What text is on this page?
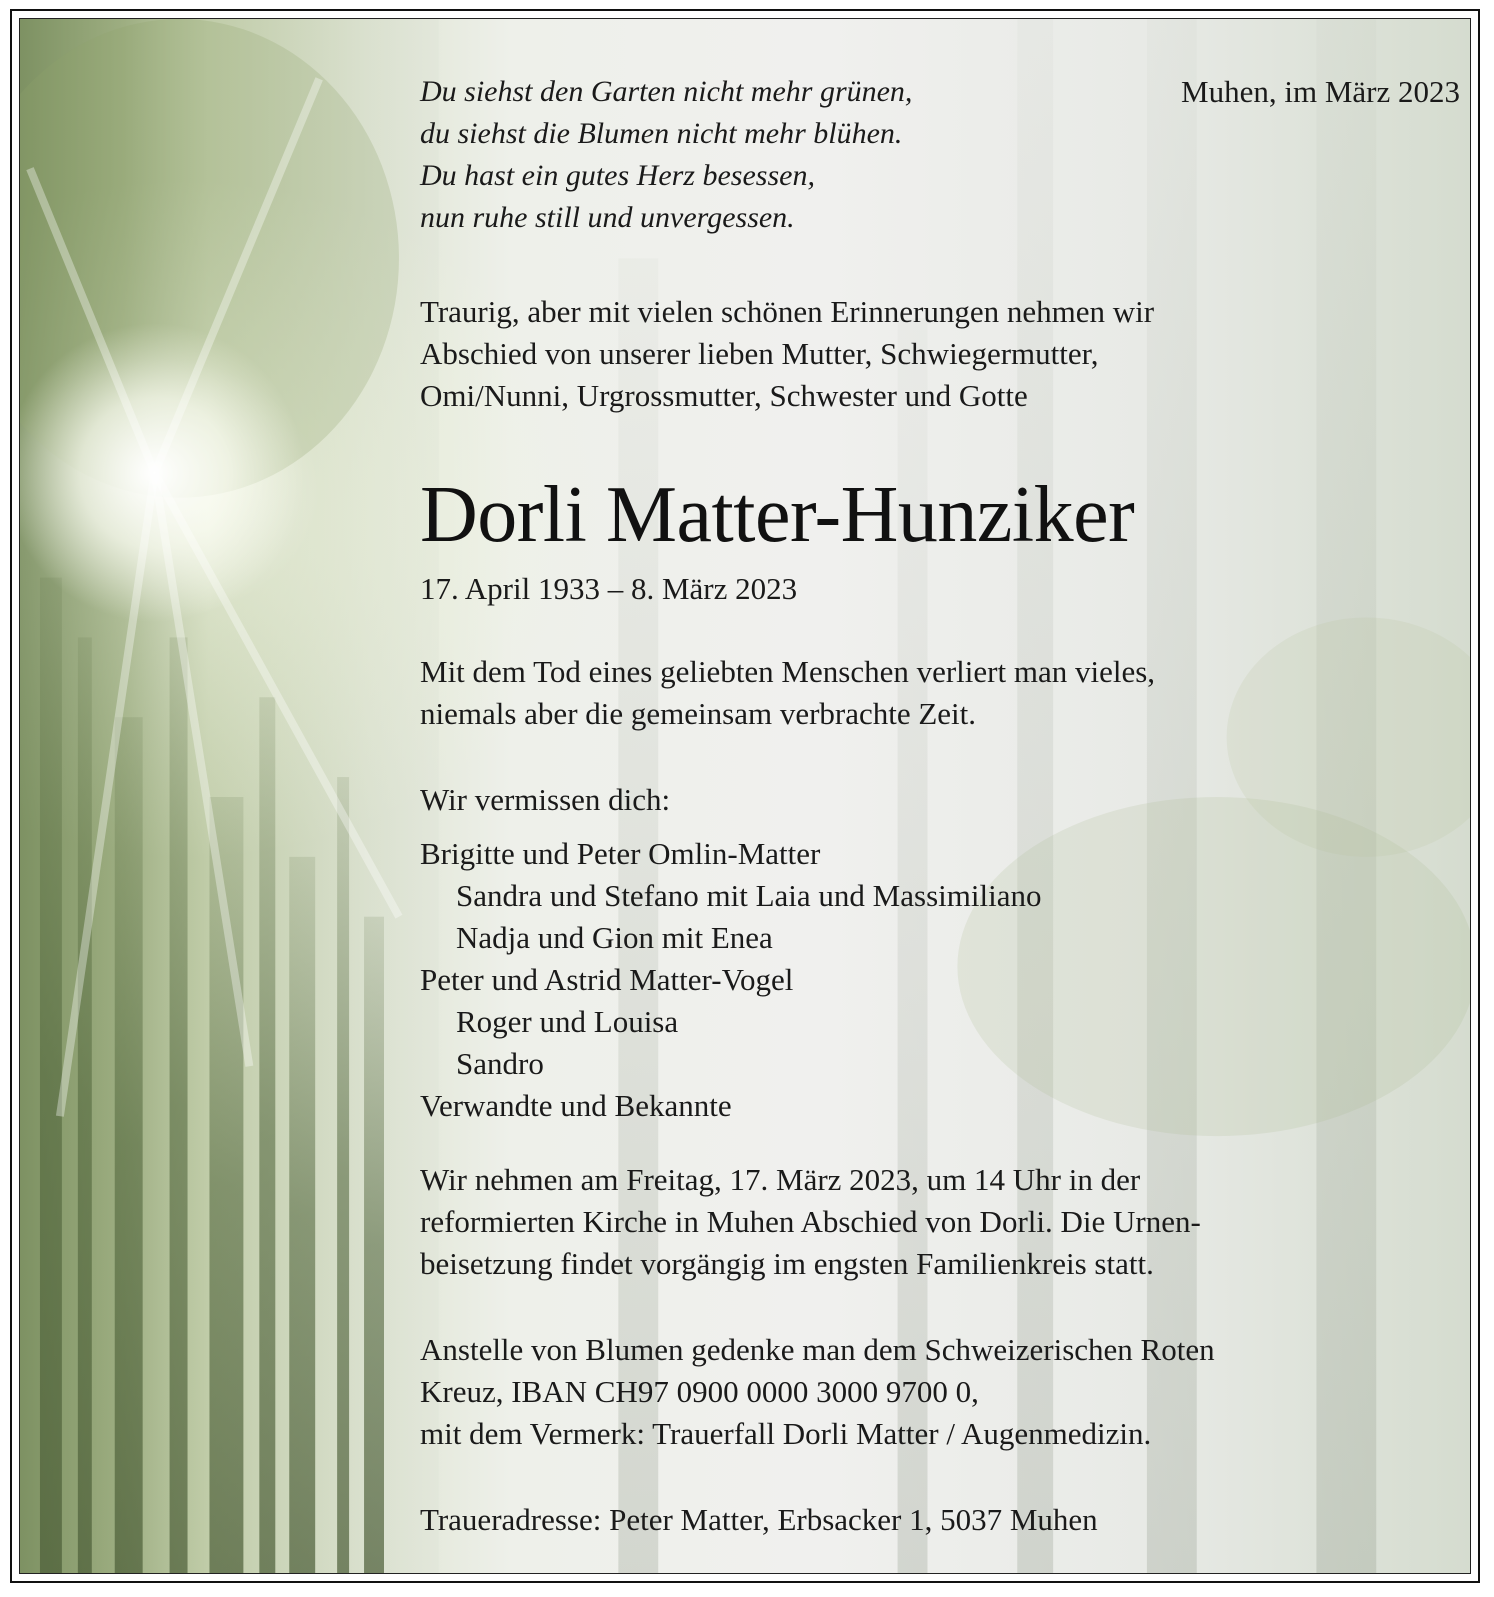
Du siehst den Garten nicht mehr grünen,
du siehst die Blumen nicht mehr blühen.
Du hast ein gutes Herz besessen,
nun ruhe still und unvergessen.
Muhen, im März 2023
Traurig, aber mit vielen schönen Erinnerungen nehmen wir
Abschied von unserer lieben Mutter, Schwiegermutter,
Omi/Nunni, Urgrossmutter, Schwester und Gotte
Dorli Matter-Hunziker
17. April 1933 – 8. März 2023
Mit dem Tod eines geliebten Menschen verliert man vieles,
niemals aber die gemeinsam verbrachte Zeit.
Wir vermissen dich:
Brigitte und Peter Omlin-Matter
Sandra und Stefano mit Laia und Massimiliano
Nadja und Gion mit Enea
Peter und Astrid Matter-Vogel
Roger und Louisa
Sandro
Verwandte und Bekannte
Wir nehmen am Freitag, 17. März 2023, um 14 Uhr in der
reformierten Kirche in Muhen Abschied von Dorli. Die Urnen-
beisetzung findet vorgängig im engsten Familienkreis statt.
Anstelle von Blumen gedenke man dem Schweizerischen Roten
Kreuz, IBAN CH97 0900 0000 3000 9700 0,
mit dem Vermerk: Trauerfall Dorli Matter / Augenmedizin.
Traueradresse: Peter Matter, Erbsacker 1, 5037 Muhen
